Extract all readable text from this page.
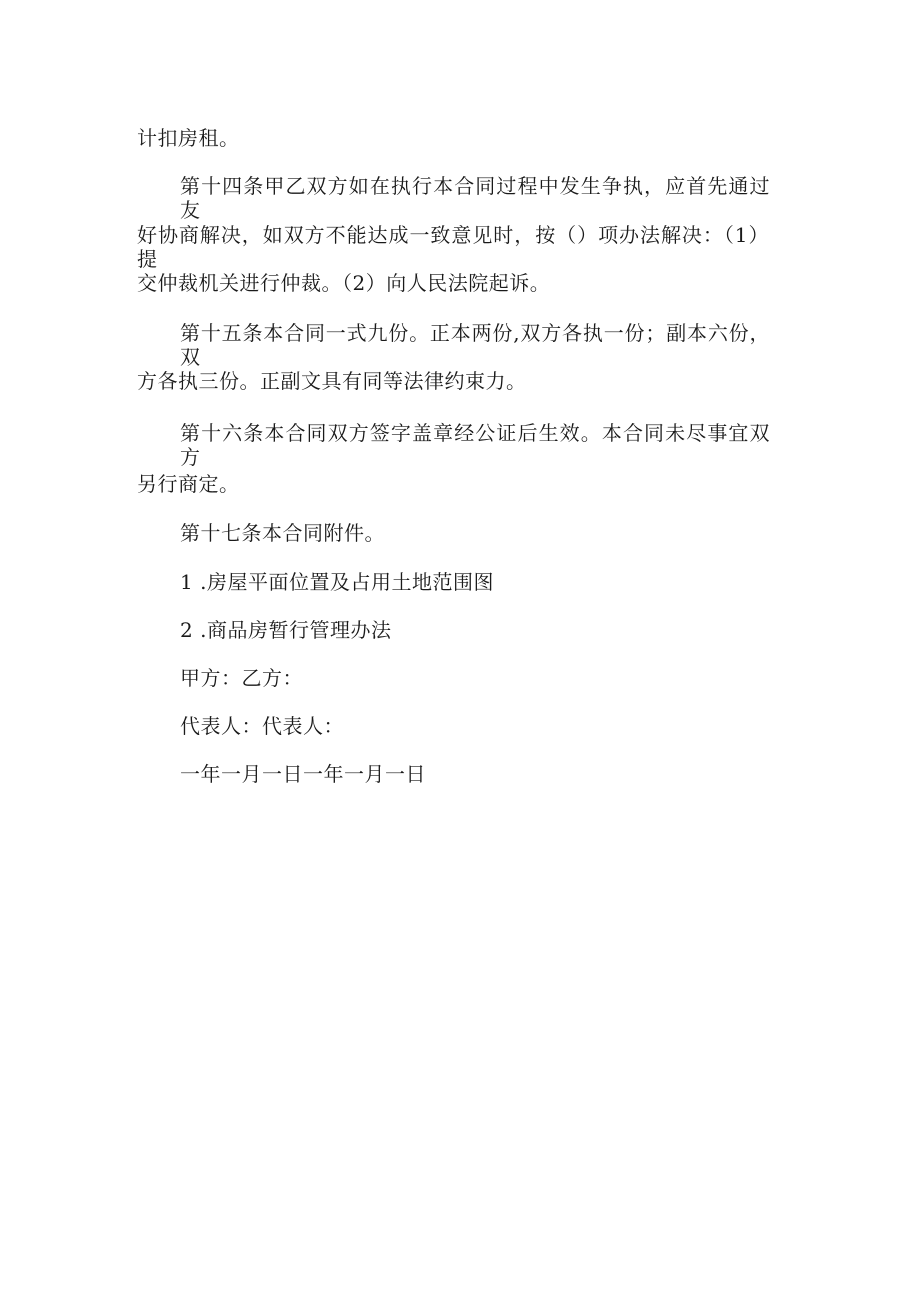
计扣房租。
第十四条甲乙双方如在执行本合同过程中发生争执，应首先通过友
好协商解决，如双方不能达成一致意见时，按（）项办法解决：（1）提
交仲裁机关进行仲裁。（2）向人民法院起诉。
第十五条本合同一式九份。正本两份,双方各执一份；副本六份，双
方各执三份。正副文具有同等法律约束力。
第十六条本合同双方签字盖章经公证后生效。本合同未尽事宜双方
另行商定。
第十七条本合同附件。
1 .房屋平面位置及占用土地范围图
2 .商品房暂行管理办法
甲方：乙方：
代表人：代表人：
一年一月一日一年一月一日
